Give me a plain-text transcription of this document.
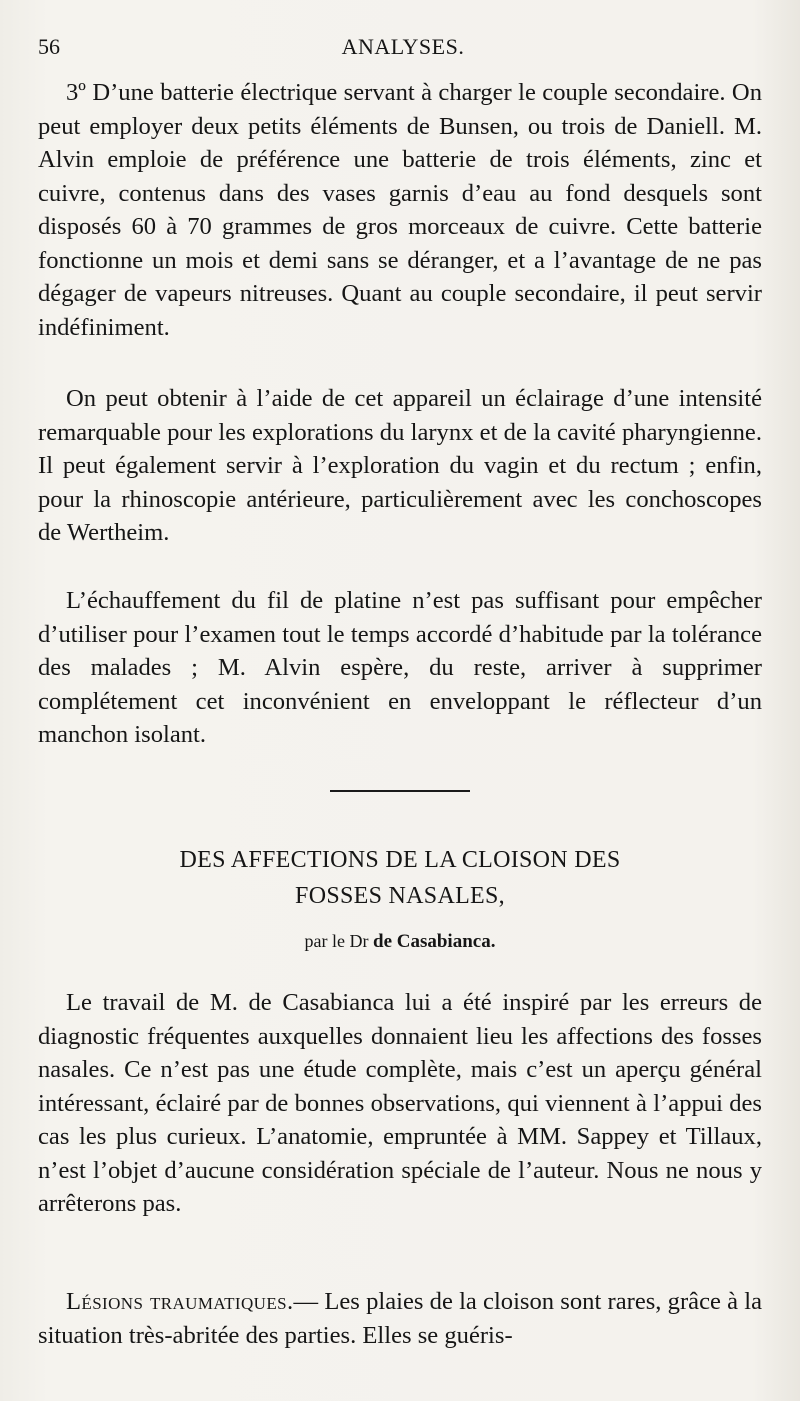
56	ANALYSES.

3º D’une batterie électrique servant à charger le couple secondaire. On peut employer deux petits éléments de Bunsen, ou trois de Daniell. M. Alvin emploie de préférence une batterie de trois éléments, zinc et cuivre, contenus dans des vases garnis d’eau au fond desquels sont disposés 60 à 70 grammes de gros morceaux de cuivre. Cette batterie fonctionne un mois et demi sans se déranger, et a l’avantage de ne pas dégager de vapeurs nitreuses. Quant au couple secondaire, il peut servir indéfiniment.

On peut obtenir à l’aide de cet appareil un éclairage d’une intensité remarquable pour les explorations du larynx et de la cavité pharyngienne. Il peut également servir à l’exploration du vagin et du rectum ; enfin, pour la rhinoscopie antérieure, particulièrement avec les conchoscopes de Wertheim.

L’échauffement du fil de platine n’est pas suffisant pour empêcher d’utiliser pour l’examen tout le temps accordé d’habitude par la tolérance des malades ; M. Alvin espère, du reste, arriver à supprimer complétement cet inconvénient en enveloppant le réflecteur d’un manchon isolant.

DES AFFECTIONS DE LA CLOISON DES
FOSSES NASALES,
par le Dr de Casabianca.

Le travail de M. de Casabianca lui a été inspiré par les erreurs de diagnostic fréquentes auxquelles donnaient lieu les affections des fosses nasales. Ce n’est pas une étude complète, mais c’est un aperçu général intéressant, éclairé par de bonnes observations, qui viennent à l’appui des cas les plus curieux. L’anatomie, empruntée à MM. Sappey et Tillaux, n’est l’objet d’aucune considération spéciale de l’auteur. Nous ne nous y arrêterons pas.

Lésions traumatiques.— Les plaies de la cloison sont rares, grâce à la situation très-abritée des parties. Elles se guéris-
